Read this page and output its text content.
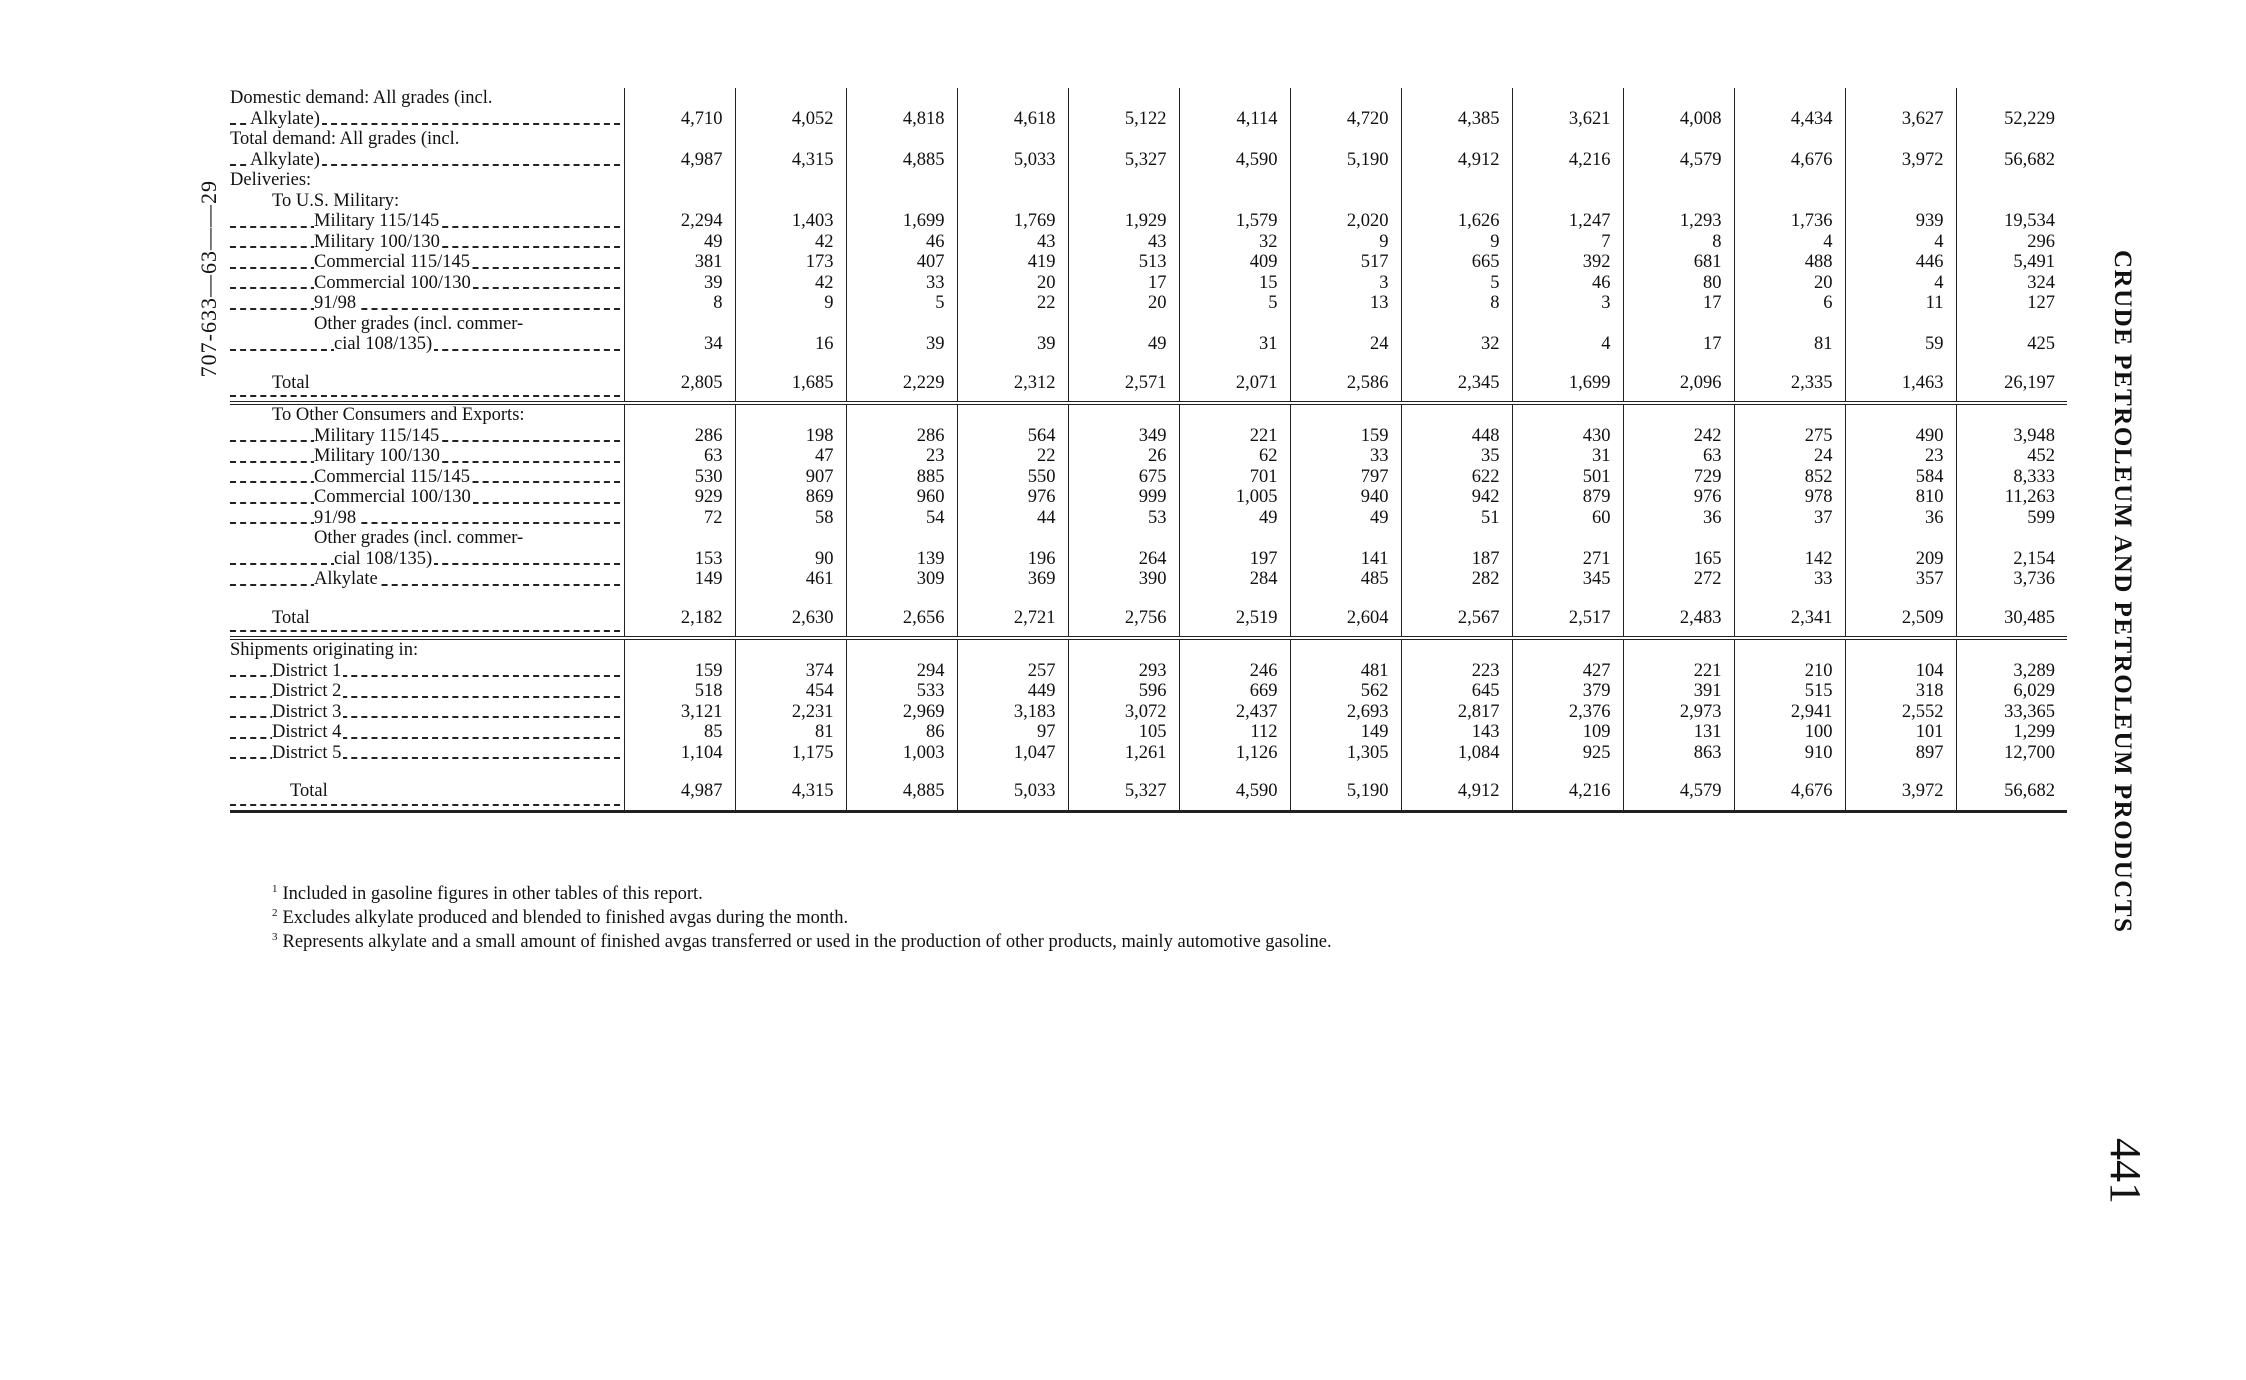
Domestic demand: All grades (incl.
Alkylate)	4,710	4,052	4,818	4,618	5,122	4,114	4,720	4,385	3,621	4,008	4,434	3,627	52,229

Total demand: All grades (incl.
Alkylate)	4,987	4,315	4,885	5,033	5,327	4,590	5,190	4,912	4,216	4,579	4,676	3,972	56,682

Deliveries:													

To U.S. Military:													

Military 115/145	2,294	1,403	1,699	1,769	1,929	1,579	2,020	1,626	1,247	1,293	1,736	939	19,534

Military 100/130	49	42	46	43	43	32	9	9	7	8	4	4	296

Commercial 115/145	381	173	407	419	513	409	517	665	392	681	488	446	5,491

Commercial 100/130	39	42	33	20	17	15	3	5	46	80	20	4	324

91/98	8	9	5	22	20	5	13	8	3	17	6	11	127

Other grades (incl. commer-
cial 108/135)	34	16	39	39	49	31	24	32	4	17	81	59	425

Total	2,805	1,685	2,229	2,312	2,571	2,071	2,586	2,345	1,699	2,096	2,335	1,463	26,197

To Other Consumers and Exports:													

Military 115/145	286	198	286	564	349	221	159	448	430	242	275	490	3,948

Military 100/130	63	47	23	22	26	62	33	35	31	63	24	23	452

Commercial 115/145	530	907	885	550	675	701	797	622	501	729	852	584	8,333

Commercial 100/130	929	869	960	976	999	1,005	940	942	879	976	978	810	11,263

91/98	72	58	54	44	53	49	49	51	60	36	37	36	599

Other grades (incl. commer-
cial 108/135)	153	90	139	196	264	197	141	187	271	165	142	209	2,154

Alkylate	149	461	309	369	390	284	485	282	345	272	33	357	3,736

Total	2,182	2,630	2,656	2,721	2,756	2,519	2,604	2,567	2,517	2,483	2,341	2,509	30,485

Shipments originating in:													

District 1	159	374	294	257	293	246	481	223	427	221	210	104	3,289

District 2	518	454	533	449	596	669	562	645	379	391	515	318	6,029

District 3	3,121	2,231	2,969	3,183	3,072	2,437	2,693	2,817	2,376	2,973	2,941	2,552	33,365

District 4	85	81	86	97	105	112	149	143	109	131	100	101	1,299

District 5	1,104	1,175	1,003	1,047	1,261	1,126	1,305	1,084	925	863	910	897	12,700

Total	4,987	4,315	4,885	5,033	5,327	4,590	5,190	4,912	4,216	4,579	4,676	3,972	56,682
$^1$ Included in gasoline figures in other tables of this report.
$^2$ Excludes alkylate produced and blended to finished avgas during the month.
$^3$ Represents alkylate and a small amount of finished avgas transferred or used in the production of other products, mainly automotive gasoline.
CRUDE PETROLEUM AND PETROLEUM PRODUCTS
441
707-633—63——29
